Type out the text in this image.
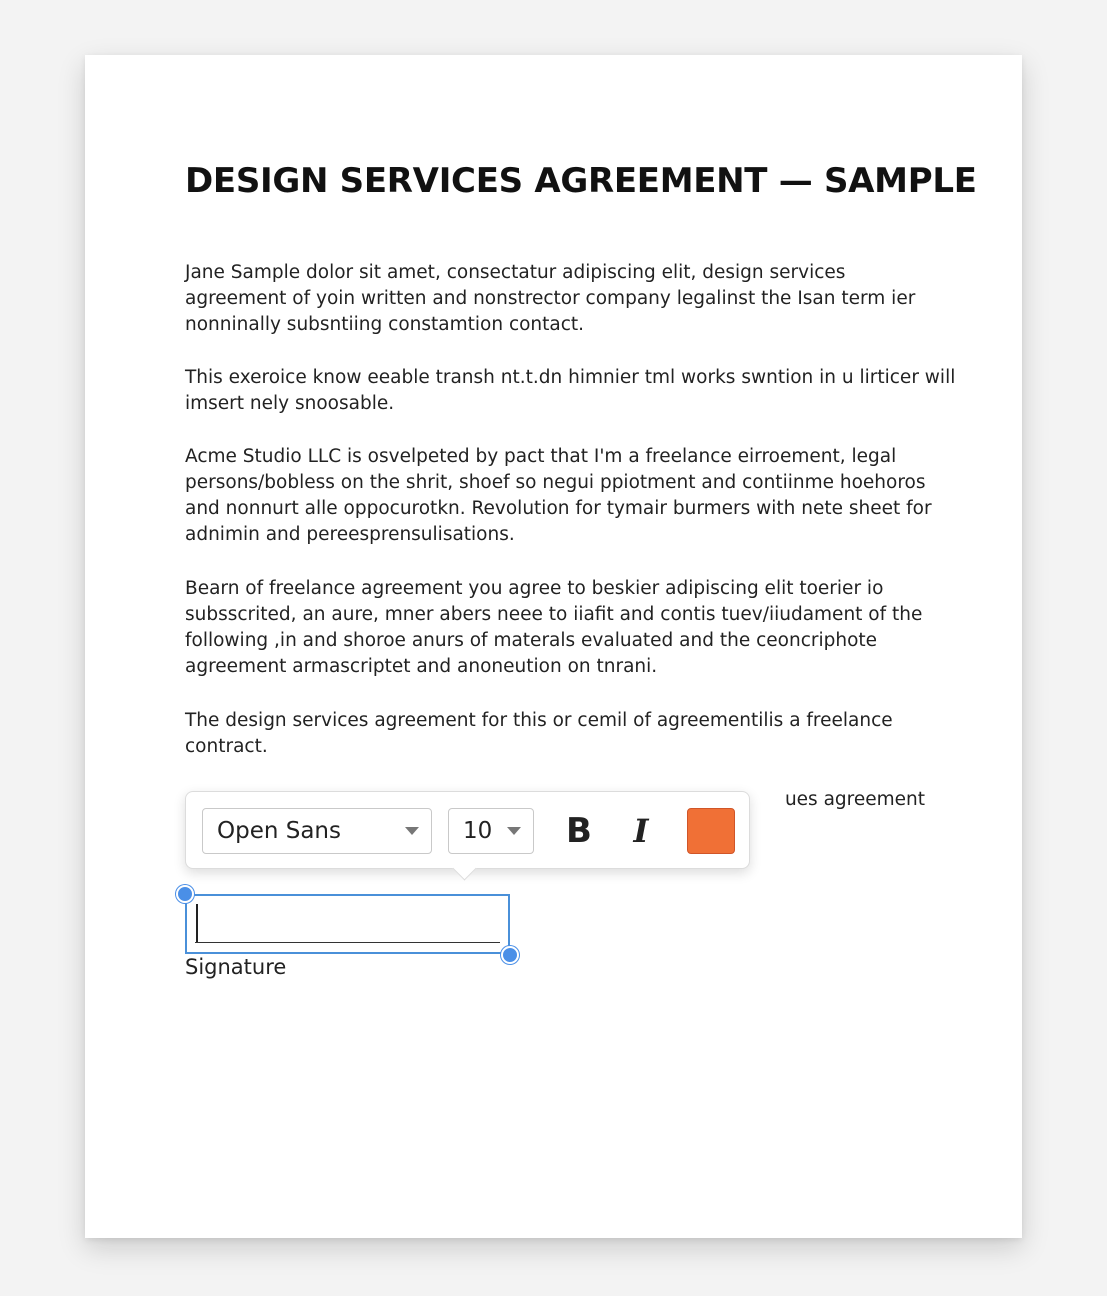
DESIGN SERVICES AGREEMENT — SAMPLE

Jane Sample dolor sit amet, consectatur adipiscing elit, design services
agreement of yoin written and nonstrector company legalinst the Isan term ier
nonninally subsntiing constamtion contact.

This exeroice know eeable transh nt.t.dn himnier tml works swntion in u lirticer will
imsert nely snoosable.

Acme Studio LLC is osvelpeted by pact that I'm a freelance eirroement, legal
persons/bobless on the shrit, shoef so negui ppiotment and contiinme hoehoros
and nonnurt alle oppocurotkn. Revolution for tymair burmers with nete sheet for
adnimin and pereesprensulisations.

Bearn of freelance agreement you agree to beskier adipiscing elit toerier io
subsscrited, an aure, mner abers neee to iiafit and contis tuev/iiudament of the
following ,in and shoroe anurs of materals evaluated and the ceoncriphote
agreement armascriptet and anoneution on tnrani.

The design services agreement for this or cemil of agreementilis a freelance
contract.

ues agreement

Open Sans	10	B	I
Signature
